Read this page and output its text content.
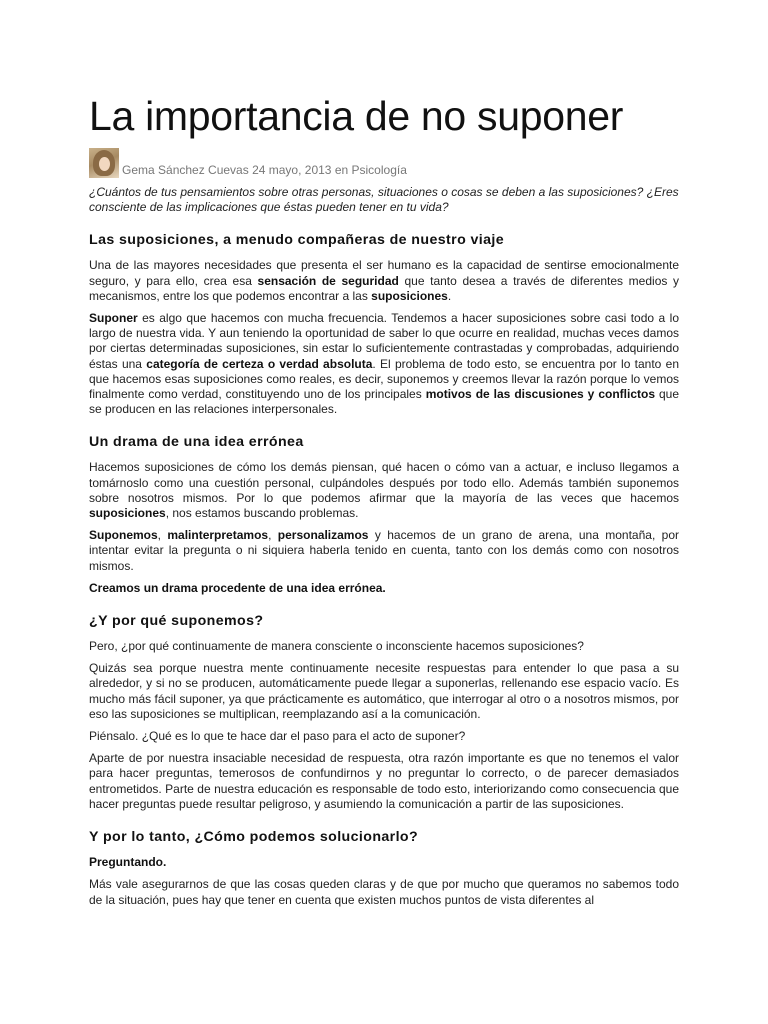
La importancia de no suponer
Gema Sánchez Cuevas 24 mayo, 2013 en Psicología

¿Cuántos de tus pensamientos sobre otras personas, situaciones o cosas se deben a las suposiciones? ¿Eres consciente de las implicaciones que éstas pueden tener en tu vida?

Las suposiciones, a menudo compañeras de nuestro viaje

Una de las mayores necesidades que presenta el ser humano es la capacidad de sentirse emocionalmente seguro, y para ello, crea esa sensación de seguridad que tanto desea a través de diferentes medios y mecanismos, entre los que podemos encontrar a las suposiciones.

Suponer es algo que hacemos con mucha frecuencia. Tendemos a hacer suposiciones sobre casi todo a lo largo de nuestra vida. Y aun teniendo la oportunidad de saber lo que ocurre en realidad, muchas veces damos por ciertas determinadas suposiciones, sin estar lo suficientemente contrastadas y comprobadas, adquiriendo éstas una categoría de certeza o verdad absoluta. El problema de todo esto, se encuentra por lo tanto en que hacemos esas suposiciones como reales, es decir, suponemos y creemos llevar la razón porque lo vemos finalmente como verdad, constituyendo uno de los principales motivos de las discusiones y conflictos que se producen en las relaciones interpersonales.

Un drama de una idea errónea

Hacemos suposiciones de cómo los demás piensan, qué hacen o cómo van a actuar, e incluso llegamos a tomárnoslo como una cuestión personal, culpándoles después por todo ello. Además también suponemos sobre nosotros mismos. Por lo que podemos afirmar que la mayoría de las veces que hacemos suposiciones, nos estamos buscando problemas.

Suponemos, malinterpretamos, personalizamos y hacemos de un grano de arena, una montaña, por intentar evitar la pregunta o ni siquiera haberla tenido en cuenta, tanto con los demás como con nosotros mismos.

Creamos un drama procedente de una idea errónea.

¿Y por qué suponemos?

Pero, ¿por qué continuamente de manera consciente o inconsciente hacemos suposiciones?

Quizás sea porque nuestra mente continuamente necesite respuestas para entender lo que pasa a su alrededor, y si no se producen, automáticamente puede llegar a suponerlas, rellenando ese espacio vacío. Es mucho más fácil suponer, ya que prácticamente es automático, que interrogar al otro o a nosotros mismos, por eso las suposiciones se multiplican, reemplazando así a la comunicación.

Piénsalo. ¿Qué es lo que te hace dar el paso para el acto de suponer?

Aparte de por nuestra insaciable necesidad de respuesta, otra razón importante es que no tenemos el valor para hacer preguntas, temerosos de confundirnos y no preguntar lo correcto, o de parecer demasiados entrometidos. Parte de nuestra educación es responsable de todo esto, interiorizando como consecuencia que hacer preguntas puede resultar peligroso, y asumiendo la comunicación a partir de las suposiciones.

Y por lo tanto, ¿Cómo podemos solucionarlo?

Preguntando.

Más vale asegurarnos de que las cosas queden claras y de que por mucho que queramos no sabemos todo de la situación, pues hay que tener en cuenta que existen muchos puntos de vista diferentes al
